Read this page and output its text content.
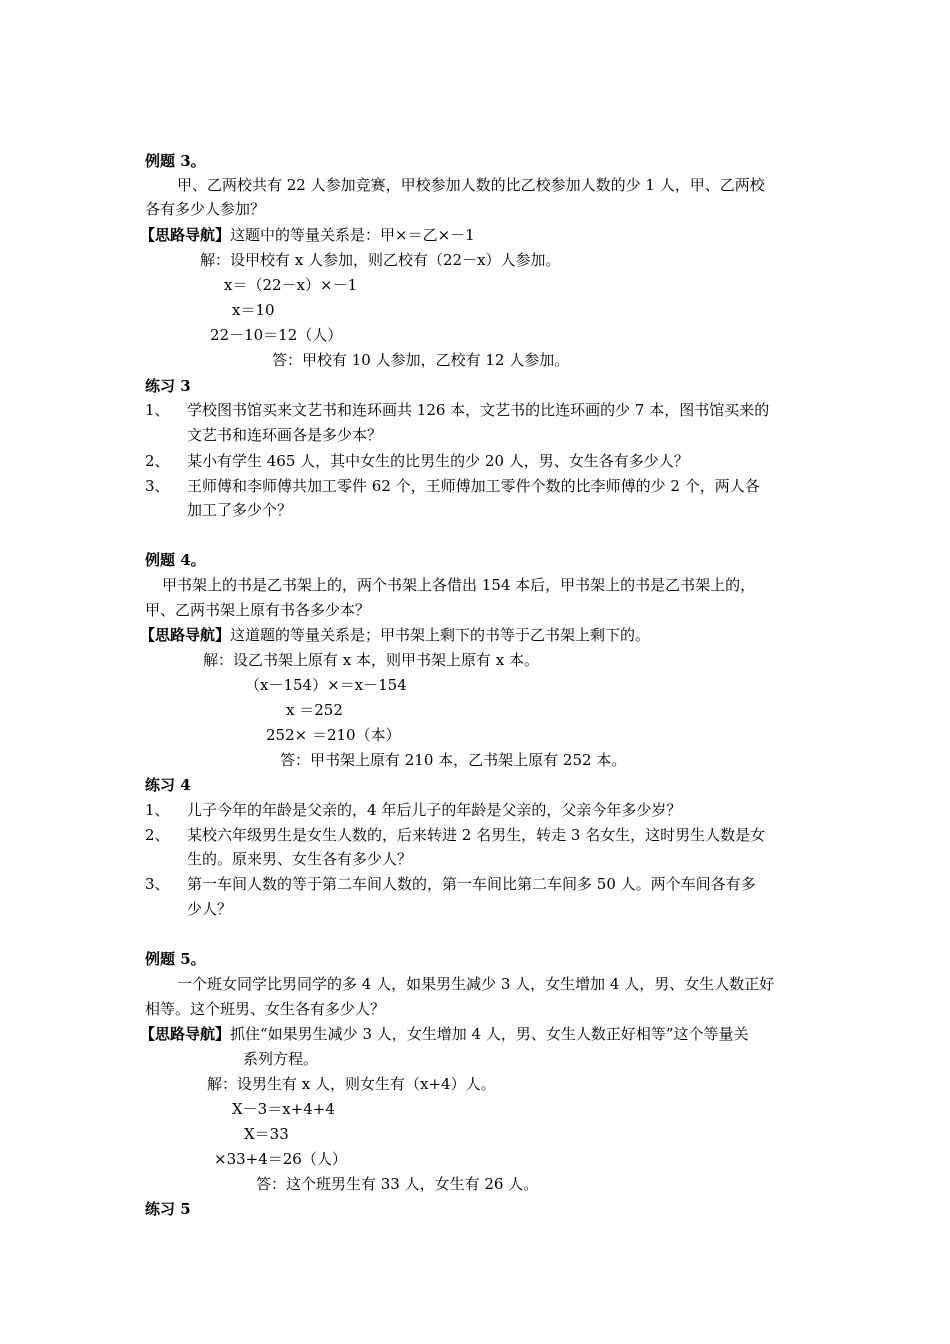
例题 3。
甲、乙两校共有 22 人参加竞赛，甲校参加人数的比乙校参加人数的少 1 人，甲、乙两校
各有多少人参加？
【思路导航】这题中的等量关系是：甲×＝乙×－1
解：设甲校有 x 人参加，则乙校有（22－x）人参加。
x＝（22－x）×－1
x＝10
22－10＝12（人）
答：甲校有 10 人参加，乙校有 12 人参加。
练习 3
1、 学校图书馆买来文艺书和连环画共 126 本，文艺书的比连环画的少 7 本，图书馆买来的
文艺书和连环画各是多少本？
2、 某小有学生 465 人，其中女生的比男生的少 20 人，男、女生各有多少人？
3、 王师傅和李师傅共加工零件 62 个，王师傅加工零件个数的比李师傅的少 2 个，两人各
加工了多少个？
例题 4。
甲书架上的书是乙书架上的，两个书架上各借出 154 本后，甲书架上的书是乙书架上的，
甲、乙两书架上原有书各多少本？
【思路导航】这道题的等量关系是；甲书架上剩下的书等于乙书架上剩下的。
解：设乙书架上原有 x 本，则甲书架上原有 x 本。
（x－154）×＝x－154
x ＝252
252× ＝210（本）
答：甲书架上原有 210 本，乙书架上原有 252 本。
练习 4
1、 儿子今年的年龄是父亲的，4 年后儿子的年龄是父亲的，父亲今年多少岁？
2、 某校六年级男生是女生人数的，后来转进 2 名男生，转走 3 名女生，这时男生人数是女
生的。原来男、女生各有多少人？
3、 第一车间人数的等于第二车间人数的，第一车间比第二车间多 50 人。两个车间各有多
少人？
例题 5。
一个班女同学比男同学的多 4 人，如果男生减少 3 人，女生增加 4 人，男、女生人数正好
相等。这个班男、女生各有多少人？
【思路导航】抓住“如果男生减少 3 人，女生增加 4 人，男、女生人数正好相等”这个等量关
系列方程。
解：设男生有 x 人，则女生有（x+4）人。
X－3＝x+4+4
X＝33
×33+4＝26（人）
答：这个班男生有 33 人，女生有 26 人。
练习 5
